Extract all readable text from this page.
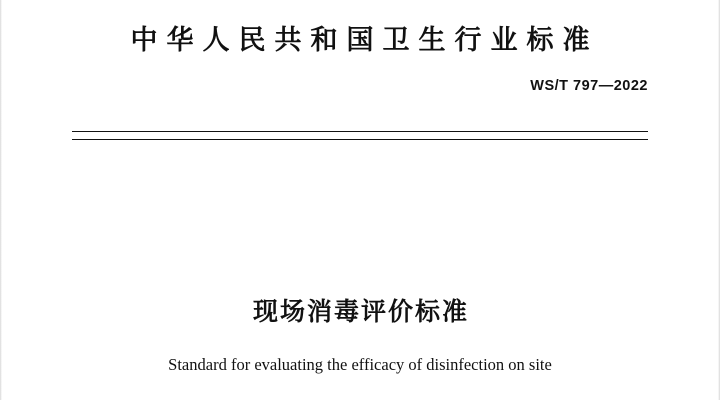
中华人民共和国卫生行业标准
WS/T 797—2022
现场消毒评价标准
Standard for evaluating the efficacy of disinfection on site
